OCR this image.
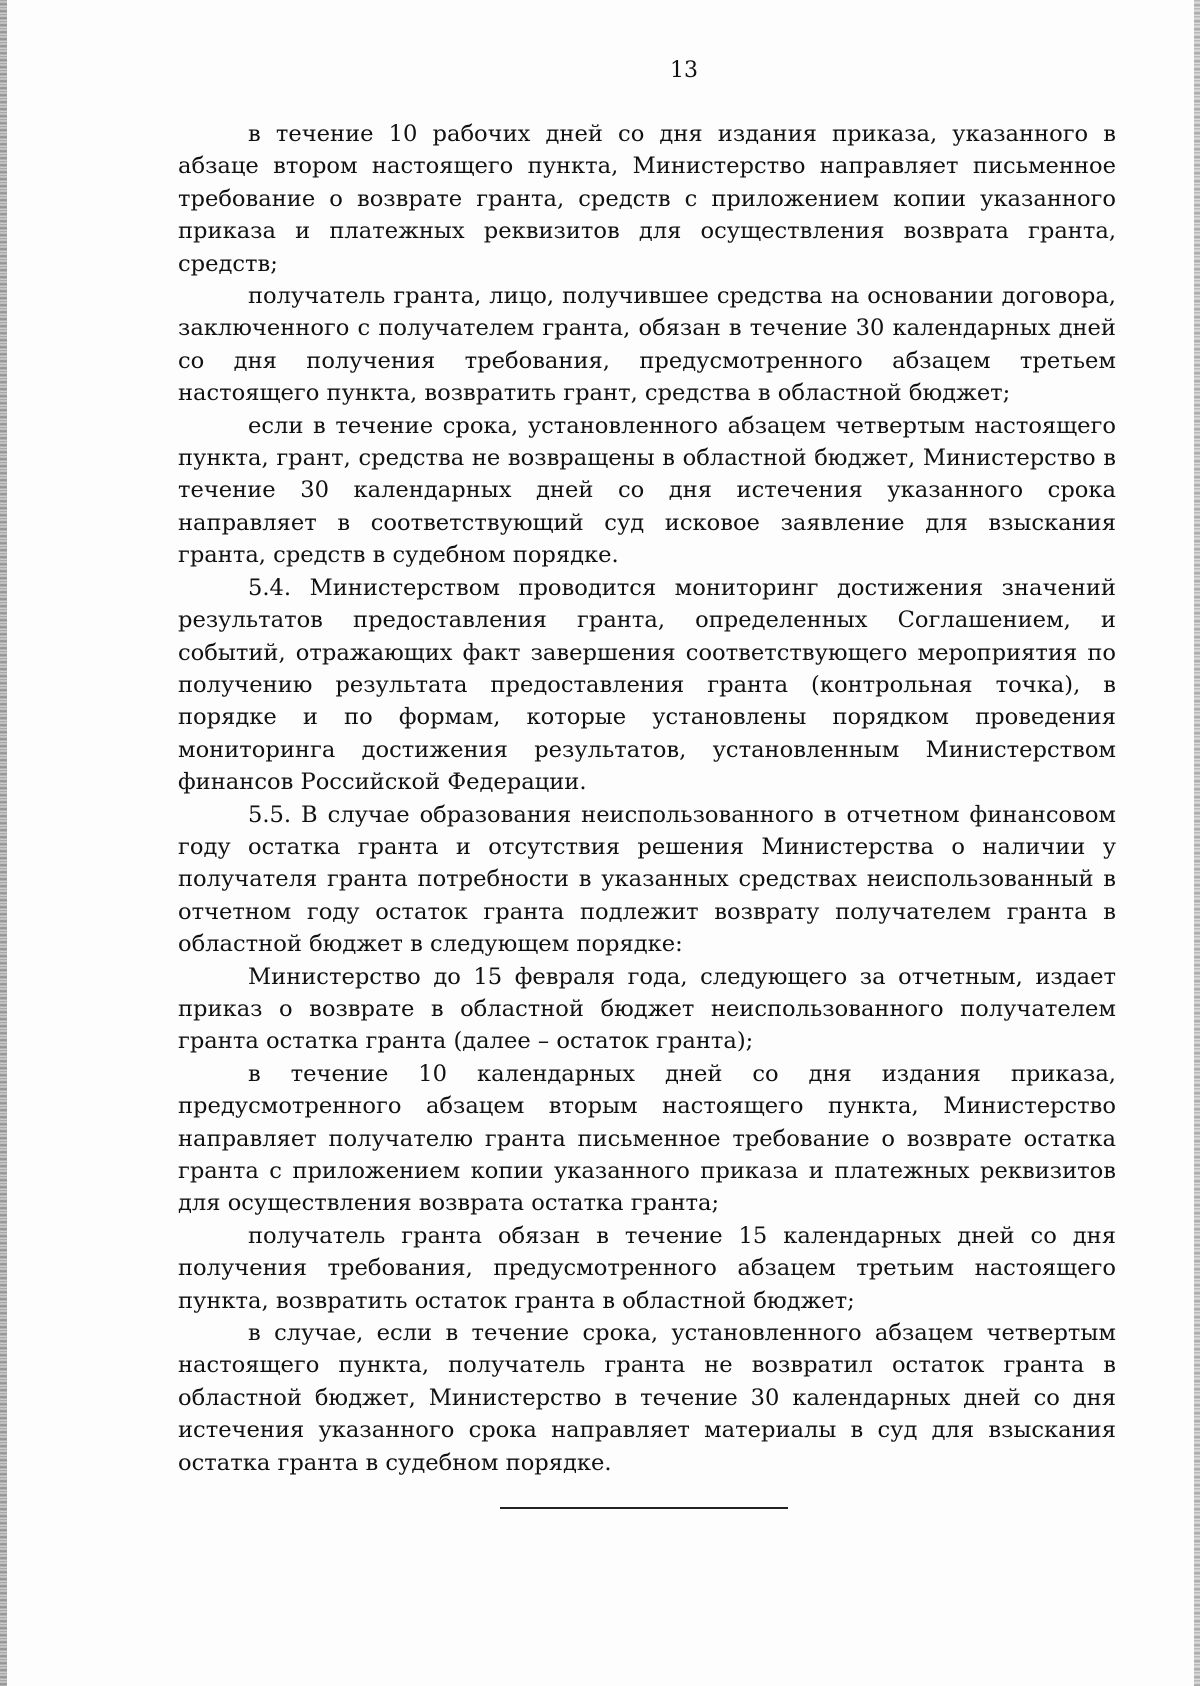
13

в течение 10 рабочих дней со дня издания приказа, указанного в абзаце втором настоящего пункта, Министерство направляет письменное требование о возврате гранта, средств с приложением копии указанного приказа и платежных реквизитов для осуществления возврата гранта, средств;

получатель гранта, лицо, получившее средства на основании договора, заключенного с получателем гранта, обязан в течение 30 календарных дней со дня получения требования, предусмотренного абзацем третьем настоящего пункта, возвратить грант, средства в областной бюджет;

если в течение срока, установленного абзацем четвертым настоящего пункта, грант, средства не возвращены в областной бюджет, Министерство в течение 30 календарных дней со дня истечения указанного срока направляет в соответствующий суд исковое заявление для взыскания гранта, средств в судебном порядке.

5.4. Министерством проводится мониторинг достижения значений результатов предоставления гранта, определенных Соглашением, и событий, отражающих факт завершения соответствующего мероприятия по получению результата предоставления гранта (контрольная точка), в порядке и по формам, которые установлены порядком проведения мониторинга достижения результатов, установленным Министерством финансов Российской Федерации.

5.5. В случае образования неиспользованного в отчетном финансовом году остатка гранта и отсутствия решения Министерства о наличии у получателя гранта потребности в указанных средствах неиспользованный в отчетном году остаток гранта подлежит возврату получателем гранта в областной бюджет в следующем порядке:

Министерство до 15 февраля года, следующего за отчетным, издает приказ о возврате в областной бюджет неиспользованного получателем гранта остатка гранта (далее – остаток гранта);

в течение 10 календарных дней со дня издания приказа, предусмотренного абзацем вторым настоящего пункта, Министерство направляет получателю гранта письменное требование о возврате остатка гранта с приложением копии указанного приказа и платежных реквизитов для осуществления возврата остатка гранта;

получатель гранта обязан в течение 15 календарных дней со дня получения требования, предусмотренного абзацем третьим настоящего пункта, возвратить остаток гранта в областной бюджет;

в случае, если в течение срока, установленного абзацем четвертым настоящего пункта, получатель гранта не возвратил остаток гранта в областной бюджет, Министерство в течение 30 календарных дней со дня истечения указанного срока направляет материалы в суд для взыскания остатка гранта в судебном порядке.
